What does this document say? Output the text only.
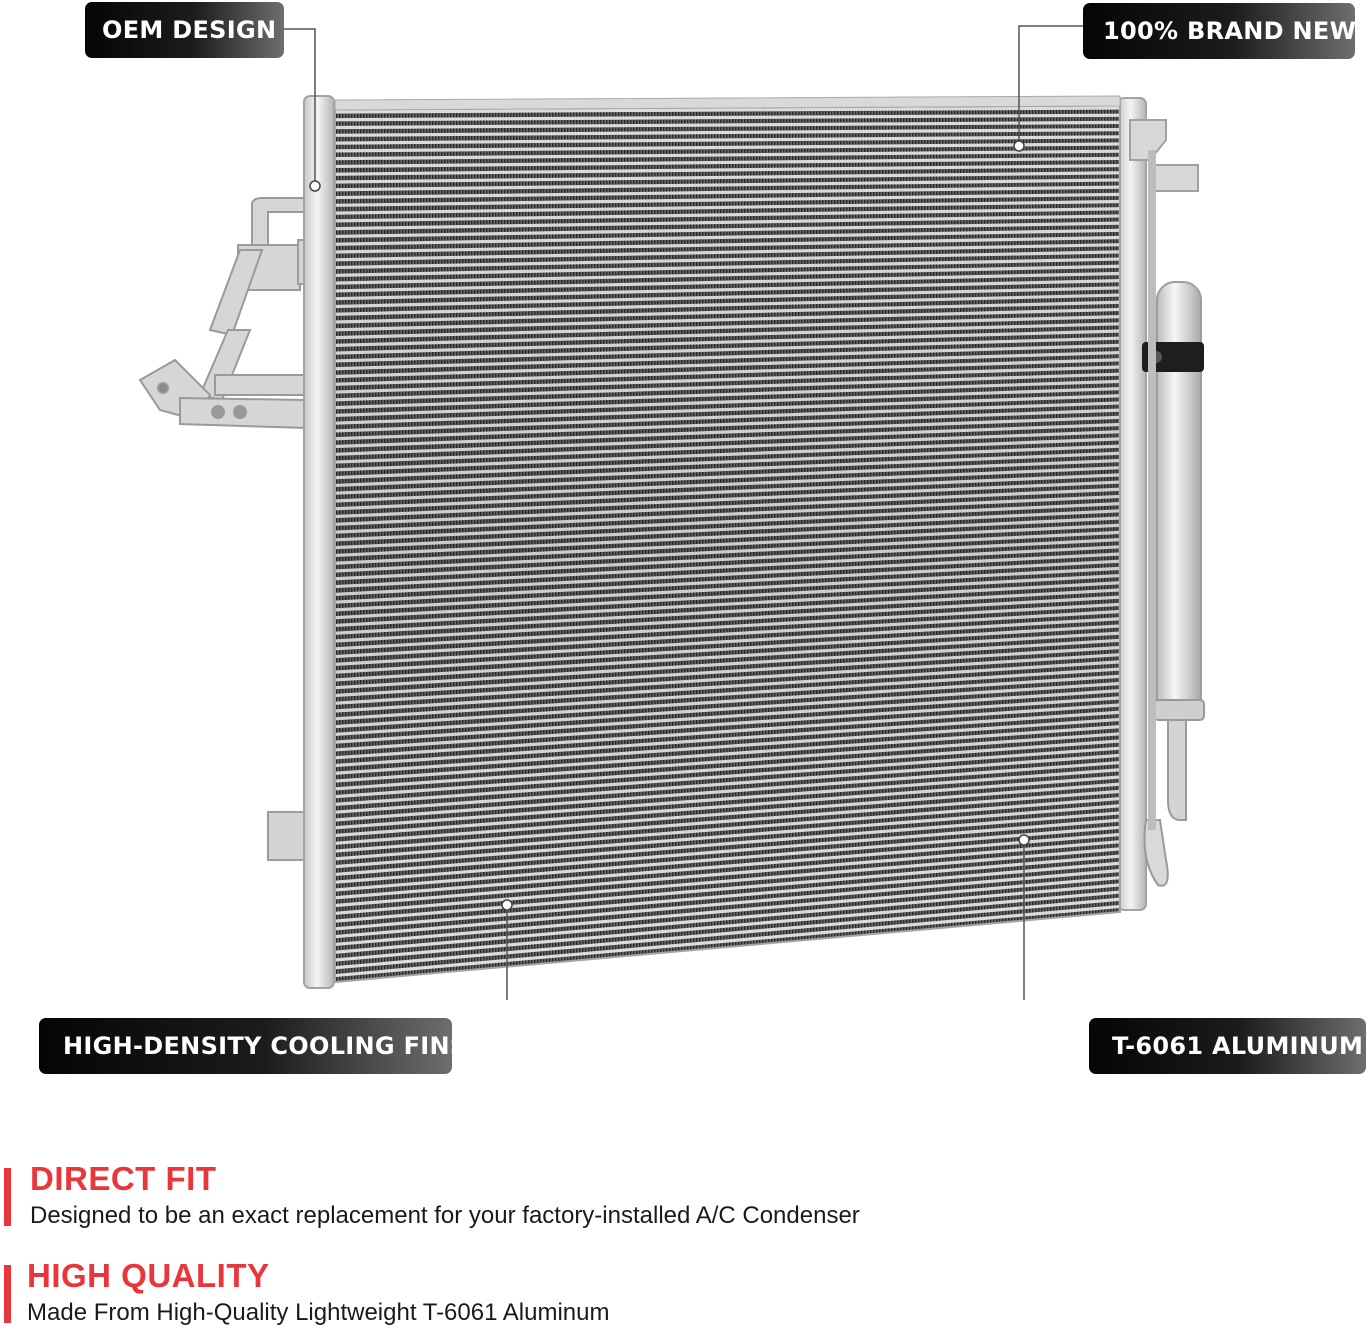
OEM DESIGN	100% BRAND NEW
HIGH-DENSITY COOLING FINS	T-6061 ALUMINUM
DIRECT FIT
Designed to be an exact replacement for your factory-installed A/C Condenser
HIGH QUALITY
Made From High-Quality Lightweight T-6061 Aluminum
